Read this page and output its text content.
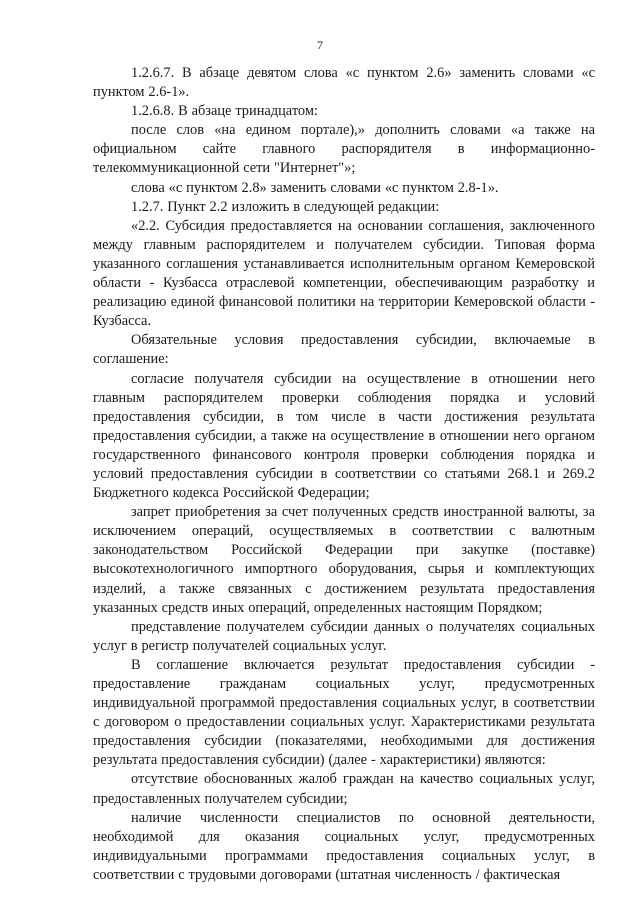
7

1.2.6.7. В абзаце девятом слова «с пунктом 2.6» заменить словами «с пунктом 2.6-1».

1.2.6.8. В абзаце тринадцатом:

после слов «на едином портале),» дополнить словами «а также на официальном сайте главного распорядителя в информационно-телекоммуникационной сети "Интернет"»;

слова «с пунктом 2.8» заменить словами «с пунктом 2.8-1».

1.2.7. Пункт 2.2 изложить в следующей редакции:

«2.2. Субсидия предоставляется на основании соглашения, заключенного между главным распорядителем и получателем субсидии. Типовая форма указанного соглашения устанавливается исполнительным органом Кемеровской области - Кузбасса отраслевой компетенции, обеспечивающим разработку и реализацию единой финансовой политики на территории Кемеровской области - Кузбасса.

Обязательные условия предоставления субсидии, включаемые в соглашение:

согласие получателя субсидии на осуществление в отношении него главным распорядителем проверки соблюдения порядка и условий предоставления субсидии, в том числе в части достижения результата предоставления субсидии, а также на осуществление в отношении него органом государственного финансового контроля проверки соблюдения порядка и условий предоставления субсидии в соответствии со статьями 268.1 и 269.2 Бюджетного кодекса Российской Федерации;

запрет приобретения за счет полученных средств иностранной валюты, за исключением операций, осуществляемых в соответствии с валютным законодательством Российской Федерации при закупке (поставке) высокотехнологичного импортного оборудования, сырья и комплектующих изделий, а также связанных с достижением результата предоставления указанных средств иных операций, определенных настоящим Порядком;

представление получателем субсидии данных о получателях социальных услуг в регистр получателей социальных услуг.

В соглашение включается результат предоставления субсидии - предоставление гражданам социальных услуг, предусмотренных индивидуальной программой предоставления социальных услуг, в соответствии с договором о предоставлении социальных услуг. Характеристиками результата предоставления субсидии (показателями, необходимыми для достижения результата предоставления субсидии) (далее - характеристики) являются:

отсутствие обоснованных жалоб граждан на качество социальных услуг, предоставленных получателем субсидии;

наличие численности специалистов по основной деятельности, необходимой для оказания социальных услуг, предусмотренных индивидуальными программами предоставления социальных услуг, в соответствии с трудовыми договорами (штатная численность / фактическая
